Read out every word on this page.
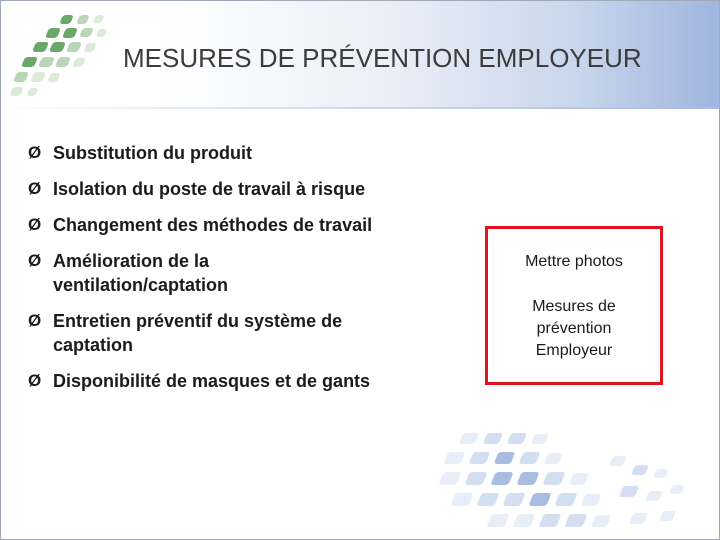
MESURES DE PRÉVENTION EMPLOYEUR
Ø Substitution du produit
Ø Isolation du poste de travail à risque
Ø Changement des méthodes de travail
Ø Amélioration de la ventilation/captation
Ø Entretien préventif du système de captation
Ø Disponibilité de masques et de gants
Mettre photos
Mesures de prévention Employeur
